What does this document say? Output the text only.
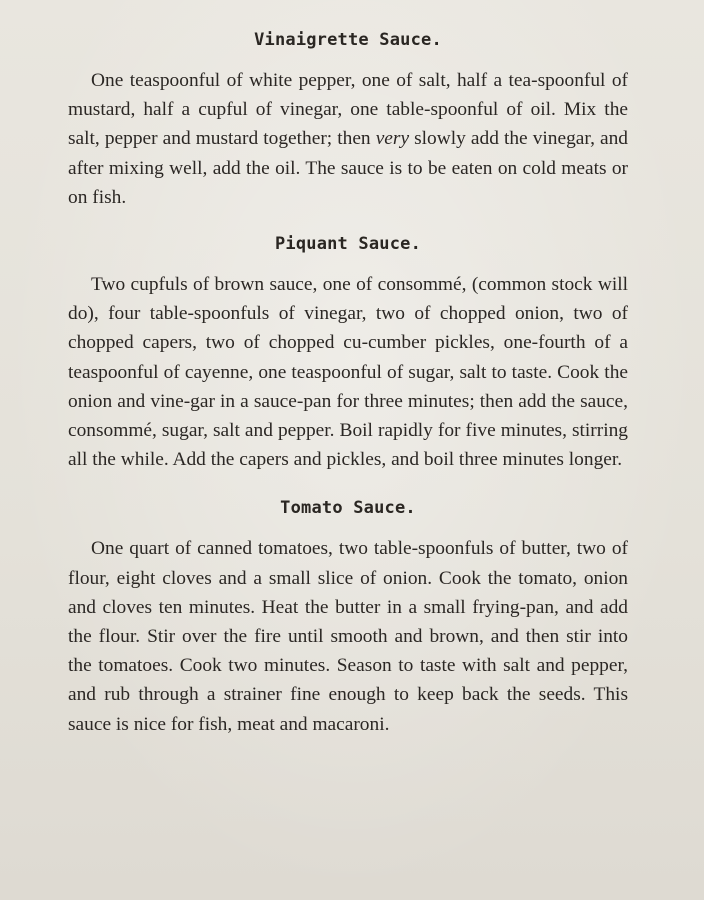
Vinaigrette Sauce.

One teaspoonful of white pepper, one of salt, half a tea-spoonful of mustard, half a cupful of vinegar, one table-spoonful of oil. Mix the salt, pepper and mustard together; then very slowly add the vinegar, and after mixing well, add the oil. The sauce is to be eaten on cold meats or on fish.

Piquant Sauce.

Two cupfuls of brown sauce, one of consommé, (common stock will do), four table-spoonfuls of vinegar, two of chopped onion, two of chopped capers, two of chopped cu-cumber pickles, one-fourth of a teaspoonful of cayenne, one teaspoonful of sugar, salt to taste. Cook the onion and vine-gar in a sauce-pan for three minutes; then add the sauce, consommé, sugar, salt and pepper. Boil rapidly for five minutes, stirring all the while. Add the capers and pickles, and boil three minutes longer.

Tomato Sauce.

One quart of canned tomatoes, two table-spoonfuls of butter, two of flour, eight cloves and a small slice of onion. Cook the tomato, onion and cloves ten minutes. Heat the butter in a small frying-pan, and add the flour. Stir over the fire until smooth and brown, and then stir into the tomatoes. Cook two minutes. Season to taste with salt and pepper, and rub through a strainer fine enough to keep back the seeds. This sauce is nice for fish, meat and macaroni.
